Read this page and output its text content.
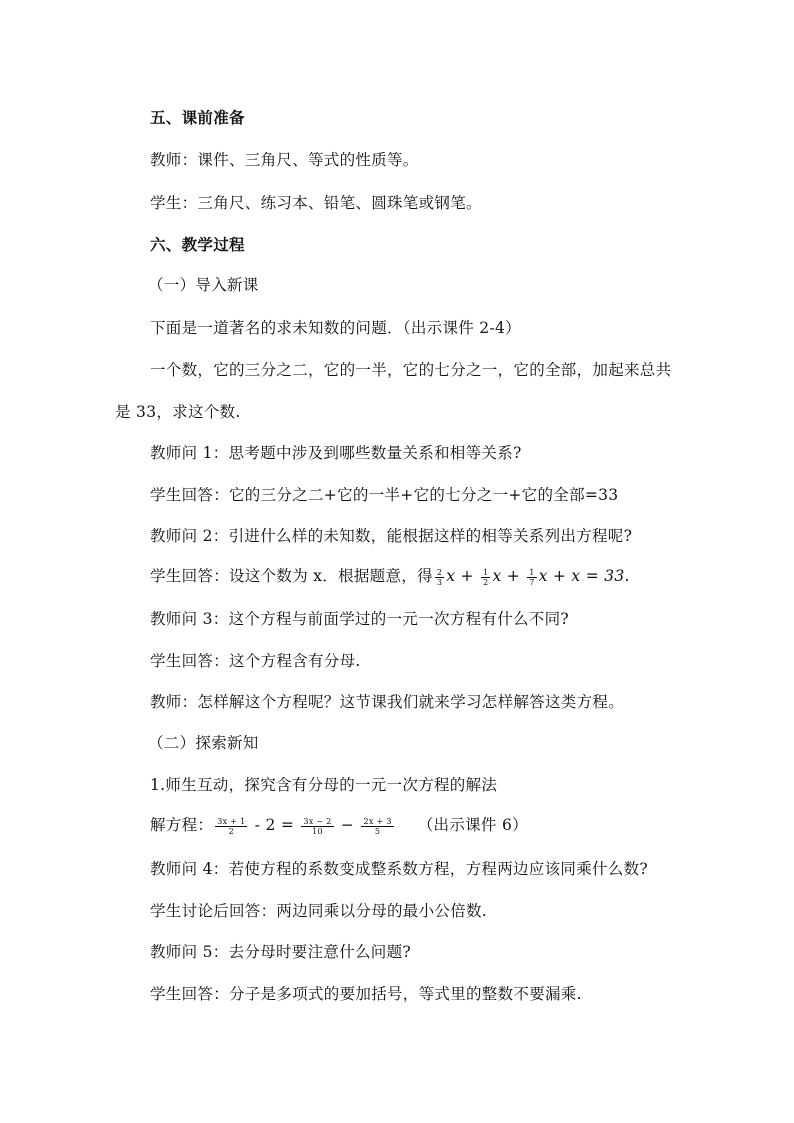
五、课前准备
教师：课件、三角尺、等式的性质等。
学生：三角尺、练习本、铅笔、圆珠笔或钢笔。
六、教学过程
（一）导入新课
下面是一道著名的求未知数的问题．（出示课件 2-4）
一个数，它的三分之二，它的一半，它的七分之一，它的全部，加起来总共
是 33，求这个数.
教师问 1：思考题中涉及到哪些数量关系和相等关系?
学生回答：它的三分之二+它的一半+它的七分之一+它的全部=33
教师问 2：引进什么样的未知数，能根据这样的相等关系列出方程呢?
学生回答：设这个数为 x．根据题意，得 $\frac{2}{3}$ $x + \frac{1}{2}$ $x + \frac{1}{7}$ x + x = 33.
教师问 3：这个方程与前面学过的一元一次方程有什么不同?
学生回答：这个方程含有分母.
教师：怎样解这个方程呢？这节课我们就来学习怎样解答这类方程。
（二）探索新知
1.师生互动，探究含有分母的一元一次方程的解法
解方程： $\frac{3x + 1}{2} - 2 = \frac{3x - 2}{10} - \frac{2x + 3}{5}$ （出示课件 6）
教师问 4：若使方程的系数变成整系数方程，方程两边应该同乘什么数?
学生讨论后回答：两边同乘以分母的最小公倍数.
教师问 5：去分母时要注意什么问题?
学生回答：分子是多项式的要加括号，等式里的整数不要漏乘.
